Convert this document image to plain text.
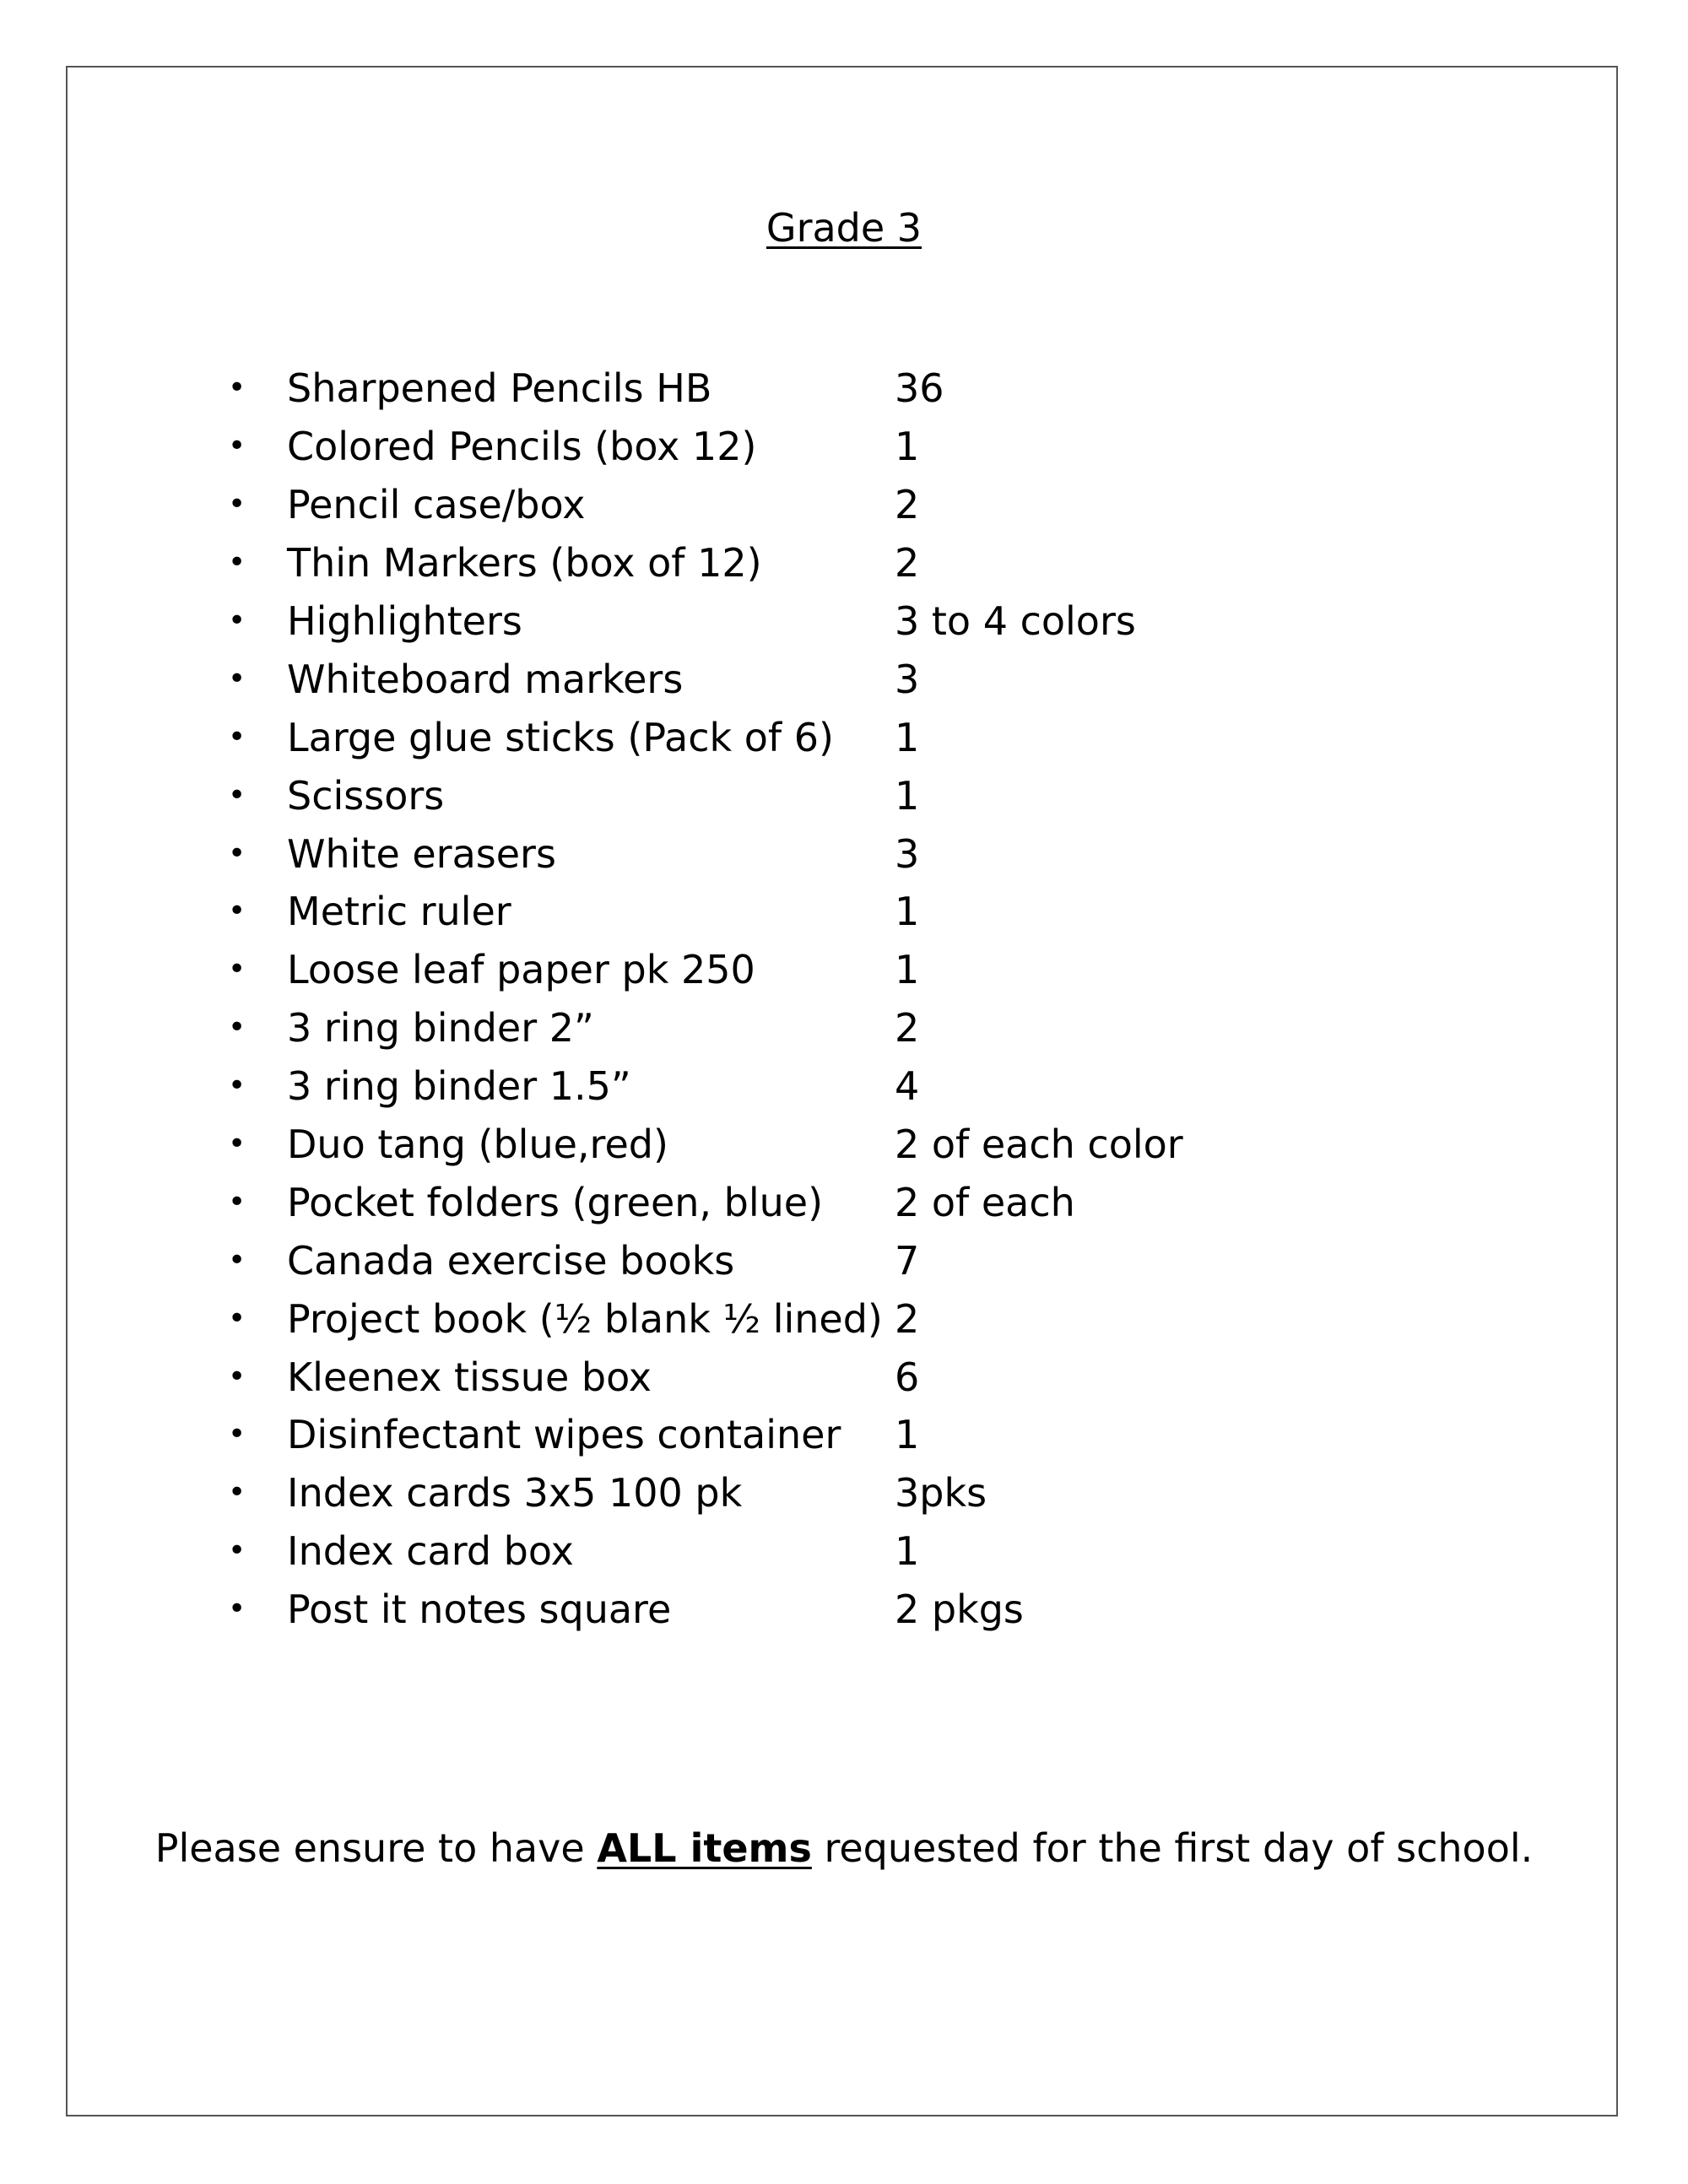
Grade 3
•	Sharpened Pencils HB	36
•	Colored Pencils (box 12)	1
•	Pencil case/box	2
•	Thin Markers (box of 12)	2
•	Highlighters	3 to 4 colors
•	Whiteboard markers	3
•	Large glue sticks (Pack of 6)	1
•	Scissors	1
•	White erasers	3
•	Metric ruler	1
•	Loose leaf paper pk 250	1
•	3 ring binder 2”	2
•	3 ring binder 1.5”	4
•	Duo tang (blue,red)	2 of each color
•	Pocket folders (green, blue)	2 of each
•	Canada exercise books	7
•	Project book (½ blank ½ lined) 2
•	Kleenex tissue box	6
•	Disinfectant wipes container	1
•	Index cards 3x5 100 pk	3pks
•	Index card box	1
•	Post it notes square	2 pkgs
Please ensure to have ALL items requested for the first day of school.
